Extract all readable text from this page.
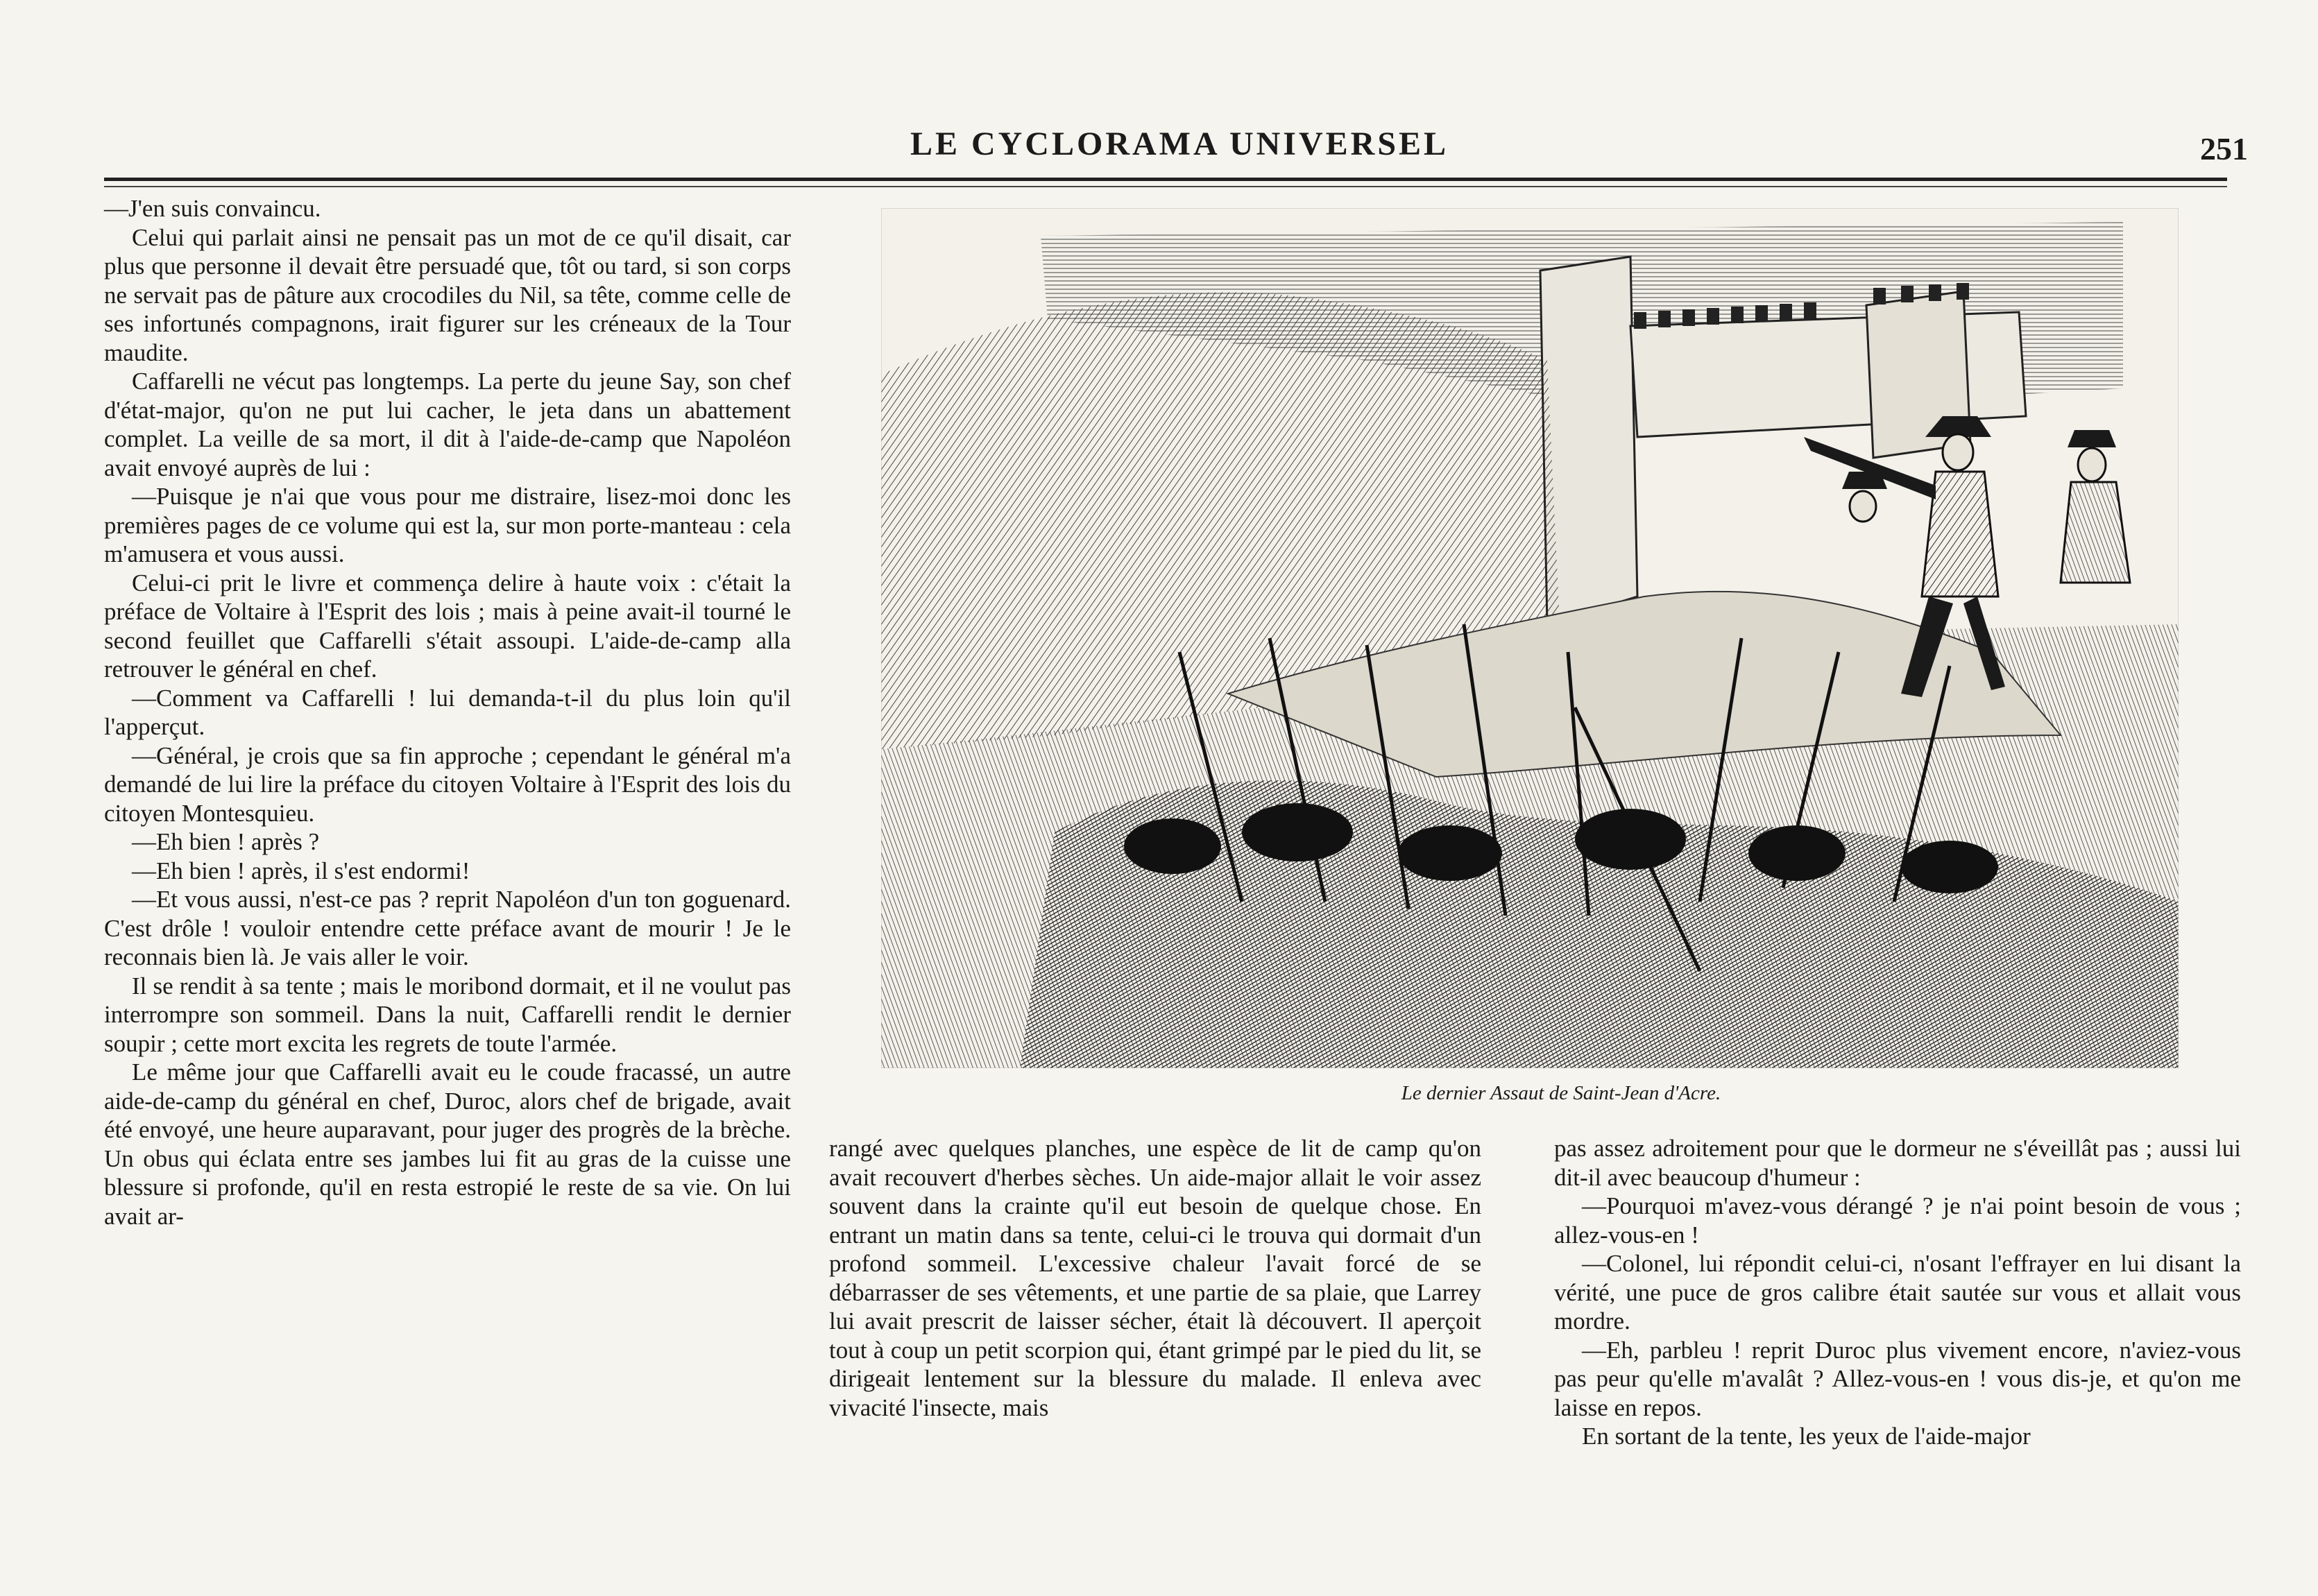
LE CYCLORAMA UNIVERSEL	251

—J'en suis convaincu.

Celui qui parlait ainsi ne pensait pas un mot de ce qu'il disait, car plus que personne il devait être persuadé que, tôt ou tard, si son corps ne servait pas de pâture aux crocodiles du Nil, sa tête, comme celle de ses infortunés compagnons, irait figurer sur les créneaux de la Tour maudite.

Caffarelli ne vécut pas longtemps. La perte du jeune Say, son chef d'état-major, qu'on ne put lui cacher, le jeta dans un abattement complet. La veille de sa mort, il dit à l'aide-de-camp que Napoléon avait envoyé auprès de lui :

—Puisque je n'ai que vous pour me distraire, lisez-moi donc les premières pages de ce volume qui est la, sur mon porte-manteau : cela m'amusera et vous aussi.

Celui-ci prit le livre et commença delire à haute voix : c'était la préface de Voltaire à l'Esprit des lois ; mais à peine avait-il tourné le second feuillet que Caffarelli s'était assoupi. L'aide-de-camp alla retrouver le général en chef.

—Comment va Caffarelli ! lui demanda-t-il du plus loin qu'il l'apperçut.

—Général, je crois que sa fin approche ; cependant le général m'a demandé de lui lire la préface du citoyen Voltaire à l'Esprit des lois du citoyen Montesquieu.

—Eh bien ! après ?

—Eh bien ! après, il s'est endormi!

—Et vous aussi, n'est-ce pas ? reprit Napoléon d'un ton goguenard. C'est drôle ! vouloir entendre cette préface avant de mourir ! Je le reconnais bien là. Je vais aller le voir.

Il se rendit à sa tente ; mais le moribond dormait, et il ne voulut pas interrompre son sommeil. Dans la nuit, Caffarelli rendit le dernier soupir ; cette mort excita les regrets de toute l'armée.

Le même jour que Caffarelli avait eu le coude fracassé, un autre aide-de-camp du général en chef, Duroc, alors chef de brigade, avait été envoyé, une heure auparavant, pour juger des progrès de la brèche. Un obus qui éclata entre ses jambes lui fit au gras de la cuisse une blessure si profonde, qu'il en resta estropié le reste de sa vie. On lui avait ar-

Le dernier Assaut de Saint-Jean d'Acre.

rangé avec quelques planches, une espèce de lit de camp qu'on avait recouvert d'herbes sèches. Un aide-major allait le voir assez souvent dans la crainte qu'il eut besoin de quelque chose. En entrant un matin dans sa tente, celui-ci le trouva qui dormait d'un profond sommeil. L'excessive chaleur l'avait forcé de se débarrasser de ses vêtements, et une partie de sa plaie, que Larrey lui avait prescrit de laisser sécher, était là découvert. Il aperçoit tout à coup un petit scorpion qui, étant grimpé par le pied du lit, se dirigeait lentement sur la blessure du malade. Il enleva avec vivacité l'insecte, mais

pas assez adroitement pour que le dormeur ne s'éveillât pas ; aussi lui dit-il avec beaucoup d'humeur :

—Pourquoi m'avez-vous dérangé ? je n'ai point besoin de vous ; allez-vous-en !

—Colonel, lui répondit celui-ci, n'osant l'effrayer en lui disant la vérité, une puce de gros calibre était sautée sur vous et allait vous mordre.

—Eh, parbleu ! reprit Duroc plus vivement encore, n'aviez-vous pas peur qu'elle m'avalât ? Allez-vous-en ! vous dis-je, et qu'on me laisse en repos.

En sortant de la tente, les yeux de l'aide-major
